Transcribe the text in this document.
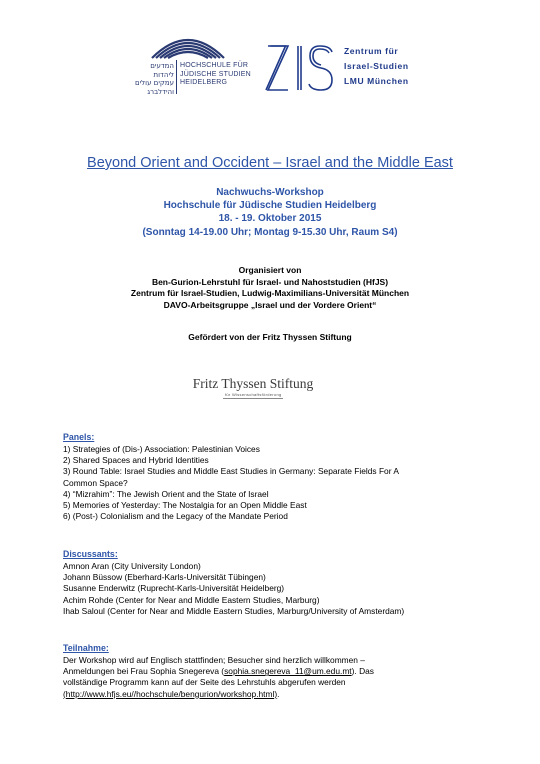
המדעים ליהדות
עמקים עולים
והידלברג
HOCHSCHULE FÜR
JÜDISCHE STUDIEN
HEIDELBERG
Zentrum für
Israel-Studien
LMU München
Beyond Orient and Occident – Israel and the Middle East
Nachwuchs-Workshop
Hochschule für Jüdische Studien Heidelberg
18. - 19. Oktober 2015
(Sonntag 14-19.00 Uhr; Montag 9-15.30 Uhr, Raum S4)
Organisiert von
Ben-Gurion-Lehrstuhl für Israel- und Nahoststudien (HfJS)
Zentrum für Israel-Studien, Ludwig-Maximilians-Universität München
DAVO-Arbeitsgruppe „Israel und der Vordere Orient“
Gefördert von der Fritz Thyssen Stiftung
Fritz Thyssen Stiftung
für Wissenschaftsförderung
Panels:
1) Strategies of (Dis-) Association: Palestinian Voices
2) Shared Spaces and Hybrid Identities
3) Round Table: Israel Studies and Middle East Studies in Germany: Separate Fields For A
Common Space?
4) “Mizrahim”: The Jewish Orient and the State of Israel
5) Memories of Yesterday: The Nostalgia for an Open Middle East
6) (Post-) Colonialism and the Legacy of the Mandate Period
Discussants:
Amnon Aran (City University London)
Johann Büssow (Eberhard-Karls-Universität Tübingen)
Susanne Enderwitz (Ruprecht-Karls-Universität Heidelberg)
Achim Rohde (Center for Near and Middle Eastern Studies, Marburg)
Ihab Saloul (Center for Near and Middle Eastern Studies, Marburg/University of Amsterdam)
Teilnahme:
Der Workshop wird auf Englisch stattfinden; Besucher sind herzlich willkommen –
Anmeldungen bei Frau Sophia Snegereva (sophia.snegereva_11@um.edu.mt). Das
vollständige Programm kann auf der Seite des Lehrstuhls abgerufen werden
(http://www.hfjs.eu//hochschule/bengurion/workshop.html).
